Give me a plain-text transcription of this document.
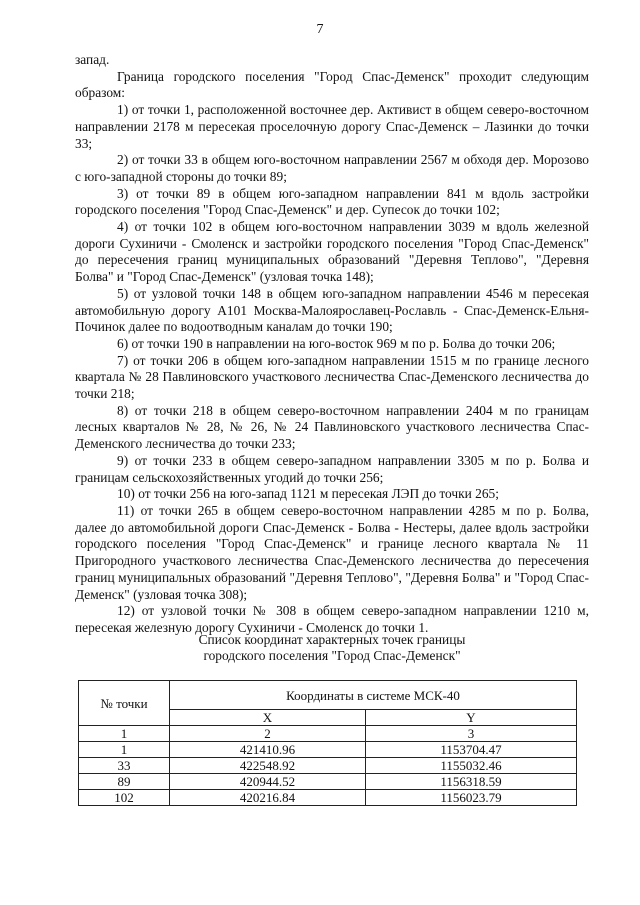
7

запад.

Граница городского поселения "Город Спас-Деменск" проходит следующим образом:

1) от точки 1, расположенной восточнее дер. Активист в общем северо-восточном направлении 2178 м пересекая проселочную дорогу Спас-Деменск – Лазинки до точки 33;

2) от точки 33 в общем юго-восточном направлении 2567 м обходя дер. Морозово с юго-западной стороны до точки 89;

3) от точки 89 в общем юго-западном направлении 841 м вдоль застройки городского поселения "Город Спас-Деменск" и дер. Супесок до точки 102;

4) от точки 102 в общем юго-восточном направлении 3039 м вдоль железной дороги Сухиничи - Смоленск и застройки городского поселения "Город Спас-Деменск" до пересечения границ муниципальных образований "Деревня Теплово", "Деревня Болва" и "Город Спас-Деменск" (узловая точка 148);

5) от узловой точки 148 в общем юго-западном направлении 4546 м пересекая автомобильную дорогу А101 Москва-Малоярославец-Рославль - Спас-Деменск-Ельня-Починок далее по водоотводным каналам до точки 190;

6) от точки 190 в направлении на юго-восток 969 м по р. Болва до точки 206;

7) от точки 206 в общем юго-западном направлении 1515 м по границе лесного квартала № 28 Павлиновского участкового лесничества Спас-Деменского лесничества до точки 218;

8) от точки 218 в общем северо-восточном направлении 2404 м по границам лесных кварталов № 28, № 26, № 24 Павлиновского участкового лесничества Спас-Деменского лесничества до точки 233;

9) от точки 233 в общем северо-западном направлении 3305 м по р. Болва и границам сельскохозяйственных угодий до точки 256;

10) от точки 256 на юго-запад 1121 м пересекая ЛЭП до точки 265;

11) от точки 265 в общем северо-восточном направлении 4285 м по р. Болва, далее до автомобильной дороги Спас-Деменск - Болва - Нестеры, далее вдоль застройки городского поселения "Город Спас-Деменск" и границе лесного квартала № 11 Пригородного участкового лесничества Спас-Деменского лесничества до пересечения границ муниципальных образований "Деревня Теплово", "Деревня Болва" и "Город Спас-Деменск" (узловая точка 308);

12) от узловой точки № 308 в общем северо-западном направлении 1210 м, пересекая железную дорогу Сухиничи - Смоленск до точки 1.

Список координат характерных точек границы
городского поселения "Город Спас-Деменск"
№ точки	Координаты в системе МСК-40	
	X	Y
1	2	3
1	421410.96	1153704.47
33	422548.92	1155032.46
89	420944.52	1156318.59
102	420216.84	1156023.79
